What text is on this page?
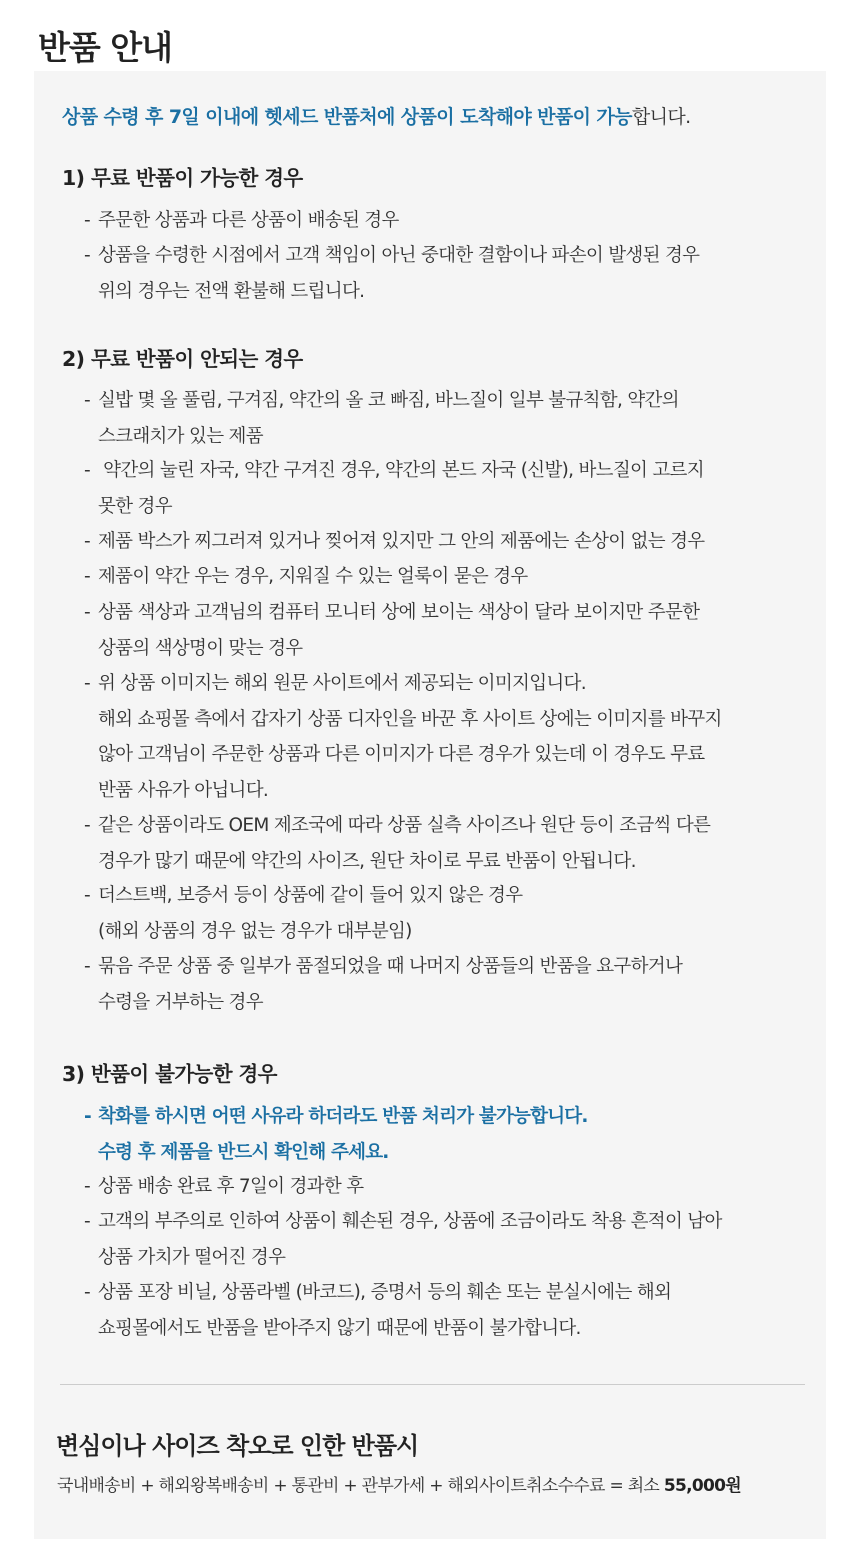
반품 안내
상품 수령 후 7일 이내에 헷세드 반품처에 상품이 도착해야 반품이 가능합니다.
1) 무료 반품이 가능한 경우
- 주문한 상품과 다른 상품이 배송된 경우
- 상품을 수령한 시점에서 고객 책임이 아닌 중대한 결함이나 파손이 발생된 경우
위의 경우는 전액 환불해 드립니다.
2) 무료 반품이 안되는 경우
- 실밥 몇 올 풀림, 구겨짐, 약간의 올 코 빠짐, 바느질이 일부 불규칙함, 약간의
스크래치가 있는 제품
- 약간의 눌린 자국, 약간 구겨진 경우, 약간의 본드 자국 (신발), 바느질이 고르지
못한 경우
- 제품 박스가 찌그러져 있거나 찢어져 있지만 그 안의 제품에는 손상이 없는 경우
- 제품이 약간 우는 경우, 지워질 수 있는 얼룩이 묻은 경우
- 상품 색상과 고객님의 컴퓨터 모니터 상에 보이는 색상이 달라 보이지만 주문한
상품의 색상명이 맞는 경우
- 위 상품 이미지는 해외 원문 사이트에서 제공되는 이미지입니다.
해외 쇼핑몰 측에서 갑자기 상품 디자인을 바꾼 후 사이트 상에는 이미지를 바꾸지
않아 고객님이 주문한 상품과 다른 이미지가 다른 경우가 있는데 이 경우도 무료
반품 사유가 아닙니다.
- 같은 상품이라도 OEM 제조국에 따라 상품 실측 사이즈나 원단 등이 조금씩 다른
경우가 많기 때문에 약간의 사이즈, 원단 차이로 무료 반품이 안됩니다.
- 더스트백, 보증서 등이 상품에 같이 들어 있지 않은 경우
(해외 상품의 경우 없는 경우가 대부분임)
- 묶음 주문 상품 중 일부가 품절되었을 때 나머지 상품들의 반품을 요구하거나
수령을 거부하는 경우
3) 반품이 불가능한 경우
- 착화를 하시면 어떤 사유라 하더라도 반품 처리가 불가능합니다.
수령 후 제품을 반드시 확인해 주세요.
- 상품 배송 완료 후 7일이 경과한 후
- 고객의 부주의로 인하여 상품이 훼손된 경우, 상품에 조금이라도 착용 흔적이 남아
상품 가치가 떨어진 경우
- 상품 포장 비닐, 상품라벨 (바코드), 증명서 등의 훼손 또는 분실시에는 해외
쇼핑몰에서도 반품을 받아주지 않기 때문에 반품이 불가합니다.
변심이나 사이즈 착오로 인한 반품시
국내배송비 + 해외왕복배송비 + 통관비 + 관부가세 + 해외사이트취소수수료 = 최소 55,000원
